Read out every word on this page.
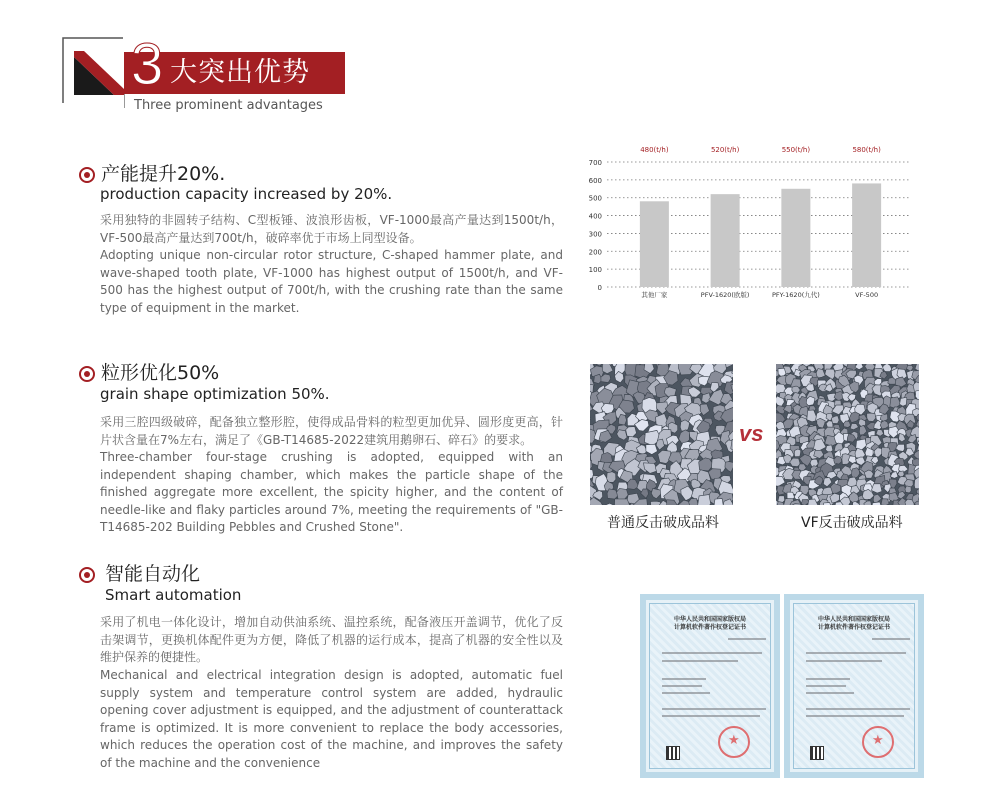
3 大突出优势
Three prominent advantages
产能提升20%.
production capacity increased by 20%.
采用独特的非圆转子结构、C型板锤、波浪形齿板，VF-1000最高产量达到1500t/h，VF-500最高产量达到700t/h，破碎率优于市场上同型设备。
Adopting unique non-circular rotor structure, C-shaped hammer plate, and wave-shaped tooth plate, VF-1000 has highest output of 1500t/h, and VF-500 has the highest output of 700t/h, with the crushing rate than the same type of equipment in the market.
0
100
200
300
400
500
600
700
480(t/h)
其他厂家
520(t/h)
PFV-1620(欧版)
550(t/h)
PFY-1620(九代)
580(t/h)
VF-500
粒形优化50%
grain shape optimization 50%.
采用三腔四级破碎，配备独立整形腔，使得成品骨料的粒型更加优异、圆形度更高，针片状含量在7%左右，满足了《GB-T14685-2022建筑用鹅卵石、碎石》的要求。
Three-chamber four-stage crushing is adopted, equipped with an independent shaping chamber, which makes the particle shape of the finished aggregate more excellent, the spicity higher, and the content of needle-like and flaky particles around 7%, meeting the requirements of "GB-T14685-202 Building Pebbles and Crushed Stone".
vs
普通反击破成品料	VF反击破成品料
智能自动化
Smart automation
采用了机电一体化设计，增加自动供油系统、温控系统，配备液压开盖调节，优化了反击架调节，更换机体配件更为方便，降低了机器的运行成本，提高了机器的安全性以及维护保养的便捷性。
Mechanical and electrical integration design is adopted, automatic fuel supply system and temperature control system are added, hydraulic opening cover adjustment is equipped, and the adjustment of counterattack frame is optimized. It is more convenient to replace the body accessories, which reduces the operation cost of the machine, and improves the safety of the machine and the convenience
中华人民共和国国家版权局
计算机软件著作权登记证书
★
中华人民共和国国家版权局
计算机软件著作权登记证书
★
